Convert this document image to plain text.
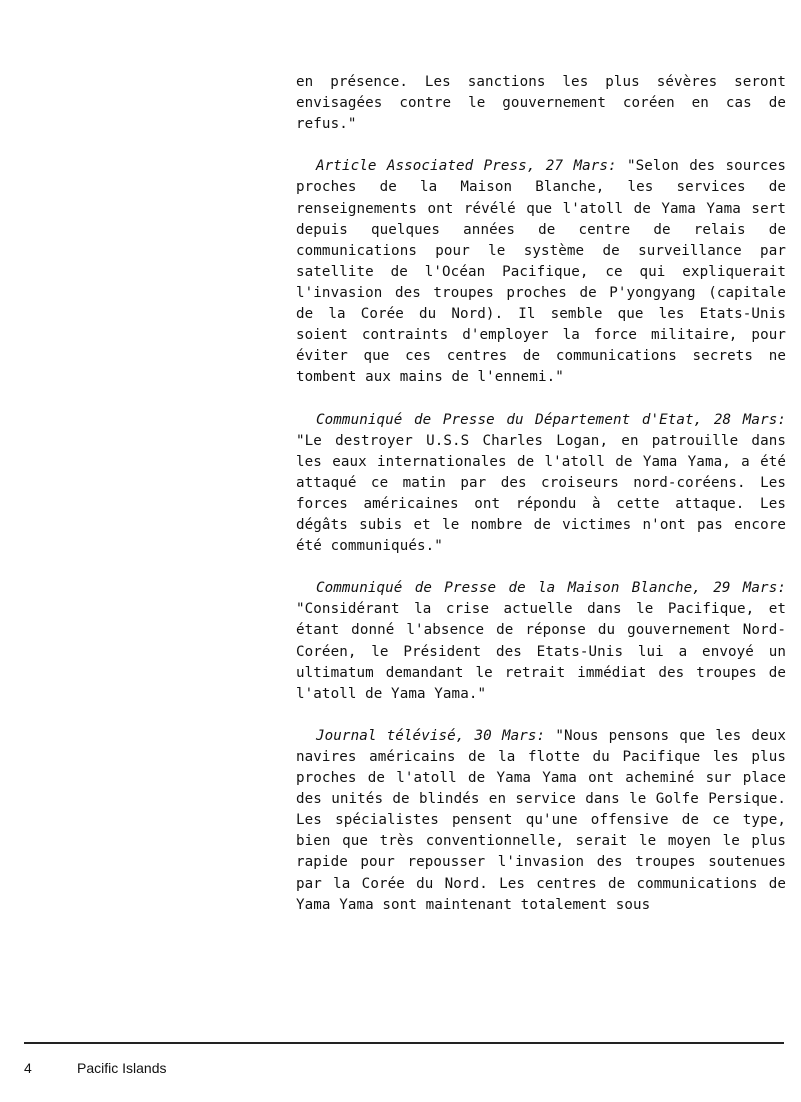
en présence. Les sanctions les plus sévères seront envisagées contre le gouvernement coréen en cas de refus."

Article Associated Press, 27 Mars: "Selon des sources proches de la Maison Blanche, les services de renseignements ont révélé que l'atoll de Yama Yama sert depuis quelques années de centre de relais de communications pour le système de surveillance par satellite de l'Océan Pacifique, ce qui expliquerait l'invasion des troupes proches de P'yongyang (capitale de la Corée du Nord). Il semble que les Etats-Unis soient contraints d'employer la force militaire, pour éviter que ces centres de communications secrets ne tombent aux mains de l'ennemi."

Communiqué de Presse du Département d'Etat, 28 Mars: "Le destroyer U.S.S Charles Logan, en patrouille dans les eaux internationales de l'atoll de Yama Yama, a été attaqué ce matin par des croiseurs nord-coréens. Les forces américaines ont répondu à cette attaque. Les dégâts subis et le nombre de victimes n'ont pas encore été communiqués."

Communiqué de Presse de la Maison Blanche, 29 Mars: "Considérant la crise actuelle dans le Pacifique, et étant donné l'absence de réponse du gouvernement Nord-Coréen, le Président des Etats-Unis lui a envoyé un ultimatum demandant le retrait immédiat des troupes de l'atoll de Yama Yama."

Journal télévisé, 30 Mars: "Nous pensons que les deux navires américains de la flotte du Pacifique les plus proches de l'atoll de Yama Yama ont acheminé sur place des unités de blindés en service dans le Golfe Persique. Les spécialistes pensent qu'une offensive de ce type, bien que très conventionnelle, serait le moyen le plus rapide pour repousser l'invasion des troupes soutenues par la Corée du Nord. Les centres de communications de Yama Yama sont maintenant totalement sous

4	Pacific Islands
